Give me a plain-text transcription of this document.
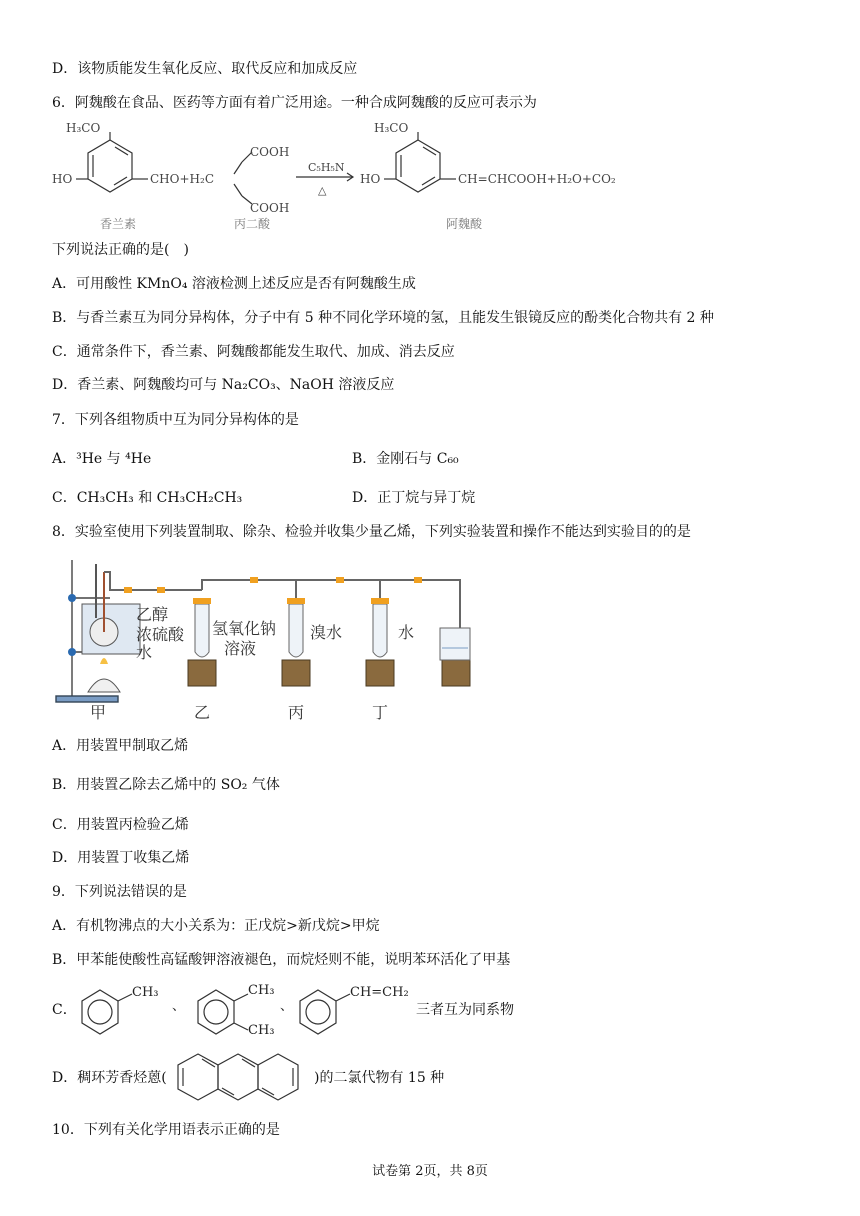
D．该物质能发生氧化反应、取代反应和加成反应
6．阿魏酸在食品、医药等方面有着广泛用途。一种合成阿魏酸的反应可表示为
H₃CO
HO	CHO+H₂C
COOH
COOH
C₅H₅N
△
H₃CO
HO	CH=CHCOOH+H₂O+CO₂
香兰素	丙二酸	阿魏酸
下列说法正确的是(　)
A．可用酸性 KMnO₄ 溶液检测上述反应是否有阿魏酸生成
B．与香兰素互为同分异构体，分子中有 5 种不同化学环境的氢，且能发生银镜反应的酚类化合物共有 2 种
C．通常条件下，香兰素、阿魏酸都能发生取代、加成、消去反应
D．香兰素、阿魏酸均可与 Na₂CO₃、NaOH 溶液反应
7．下列各组物质中互为同分异构体的是
A．³He 与 ⁴He	B．金刚石与 C₆₀
C．CH₃CH₃ 和 CH₃CH₂CH₃	D．正丁烷与异丁烷
8．实验室使用下列装置制取、除杂、检验并收集少量乙烯，下列实验装置和操作不能达到实验目的的是
乙醇
浓硫酸
水
氢氧化钠
溶液
溴水	水
甲	乙	丙	丁
A．用装置甲制取乙烯
B．用装置乙除去乙烯中的 SO₂ 气体
C．用装置丙检验乙烯
D．用装置丁收集乙烯
9．下列说法错误的是
A．有机物沸点的大小关系为：正戊烷>新戊烷>甲烷
B．甲苯能使酸性高锰酸钾溶液褪色，而烷烃则不能，说明苯环活化了甲基
C．
CH₃
、
CH₃
CH₃
、
CH=CH₂
三者互为同系物
D．稠环芳香烃蒽(	)的二氯代物有 15 种
10．下列有关化学用语表示正确的是
试卷第 2页，共 8页
